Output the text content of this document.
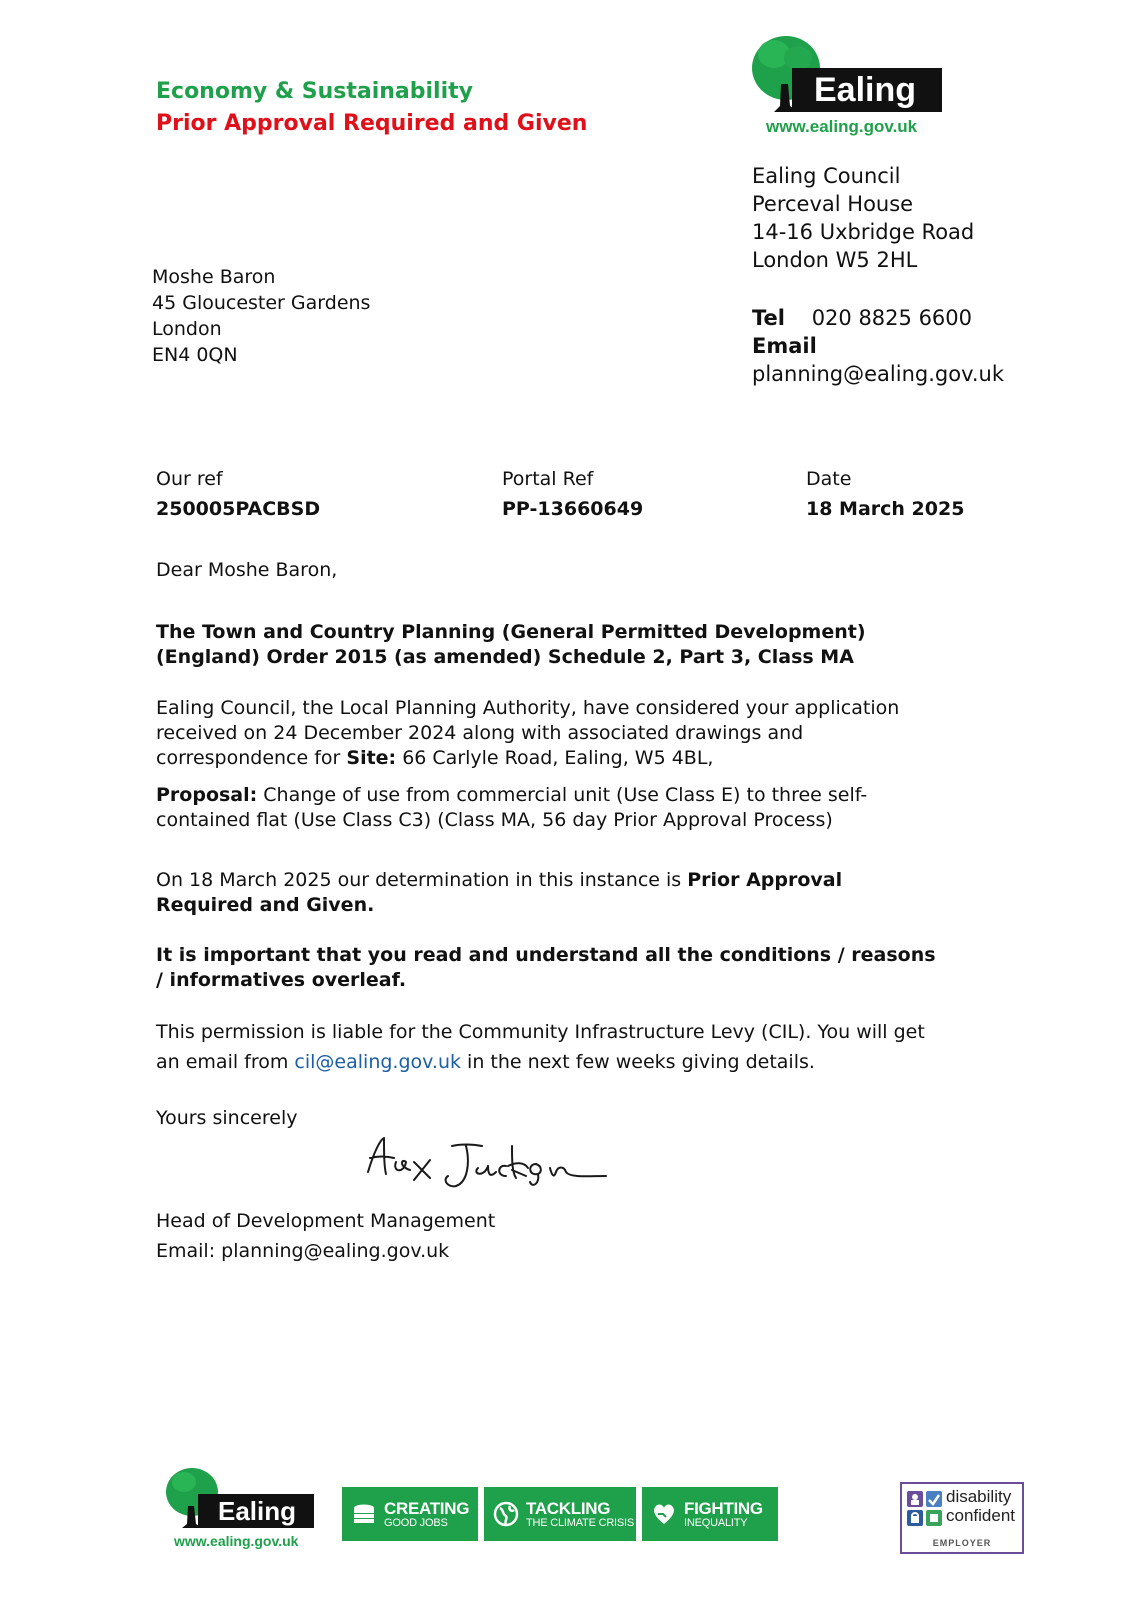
Economy & Sustainability
Prior Approval Required and Given	www.ealing.gov.uk
Ealing
Ealing Council
Perceval House
14-16 Uxbridge Road
London W5 2HL
Tel 020 8825 6600
Email
planning@ealing.gov.uk
Moshe Baron
45 Gloucester Gardens
London
EN4 0QN
Our ref
250005PACBSD
Portal Ref
PP-13660649
Date
18 March 2025
Dear Moshe Baron,
The Town and Country Planning (General Permitted Development)
(England) Order 2015 (as amended) Schedule 2, Part 3, Class MA
Ealing Council, the Local Planning Authority, have considered your application
received on 24 December 2024 along with associated drawings and
correspondence for Site: 66 Carlyle Road, Ealing, W5 4BL,
Proposal: Change of use from commercial unit (Use Class E) to three self-
contained flat (Use Class C3) (Class MA, 56 day Prior Approval Process)
On 18 March 2025 our determination in this instance is Prior Approval
Required and Given.
It is important that you read and understand all the conditions / reasons
/ informatives overleaf.
This permission is liable for the Community Infrastructure Levy (CIL). You will get
an email from cil@ealing.gov.uk in the next few weeks giving details.
Yours sincerely
Head of Development Management
Email: planning@ealing.gov.uk
www.ealing.gov.uk
Ealing	CREATING
GOOD JOBS
TACKLING
THE CLIMATE CRISIS
FIGHTING
INEQUALITY
disability
confident
EMPLOYER
